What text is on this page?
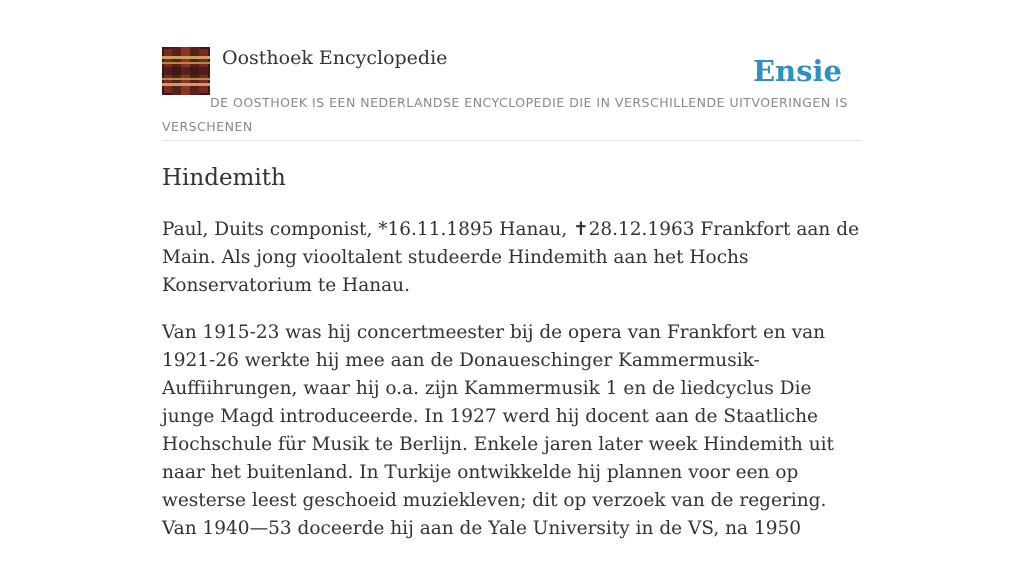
Oosthoek Encyclopedie	Ensie

DE OOSTHOEK IS EEN NEDERLANDSE ENCYCLOPEDIE DIE IN VERSCHILLENDE UITVOERINGEN IS VERSCHENEN

Hindemith

Paul, Duits componist, *16.11.1895 Hanau, ✝28.12.1963 Frankfort aan de Main. Als jong viooltalent studeerde Hindemith aan het Hochs Konservatorium te Hanau.

Van 1915-23 was hij concertmeester bij de opera van Frankfort en van 1921-26 werkte hij mee aan de Donaueschinger Kammermusik-Auffiihrungen, waar hij o.a. zijn Kammermusik 1 en de liedcyclus Die junge Magd introduceerde. In 1927 werd hij docent aan de Staatliche Hochschule für Musik te Berlijn. Enkele jaren later week Hindemith uit naar het buitenland. In Turkije ontwikkelde hij plannen voor een op westerse leest geschoeid muziekleven; dit op verzoek van de regering. Van 1940—53 doceerde hij aan de Yale University in de VS, na 1950
